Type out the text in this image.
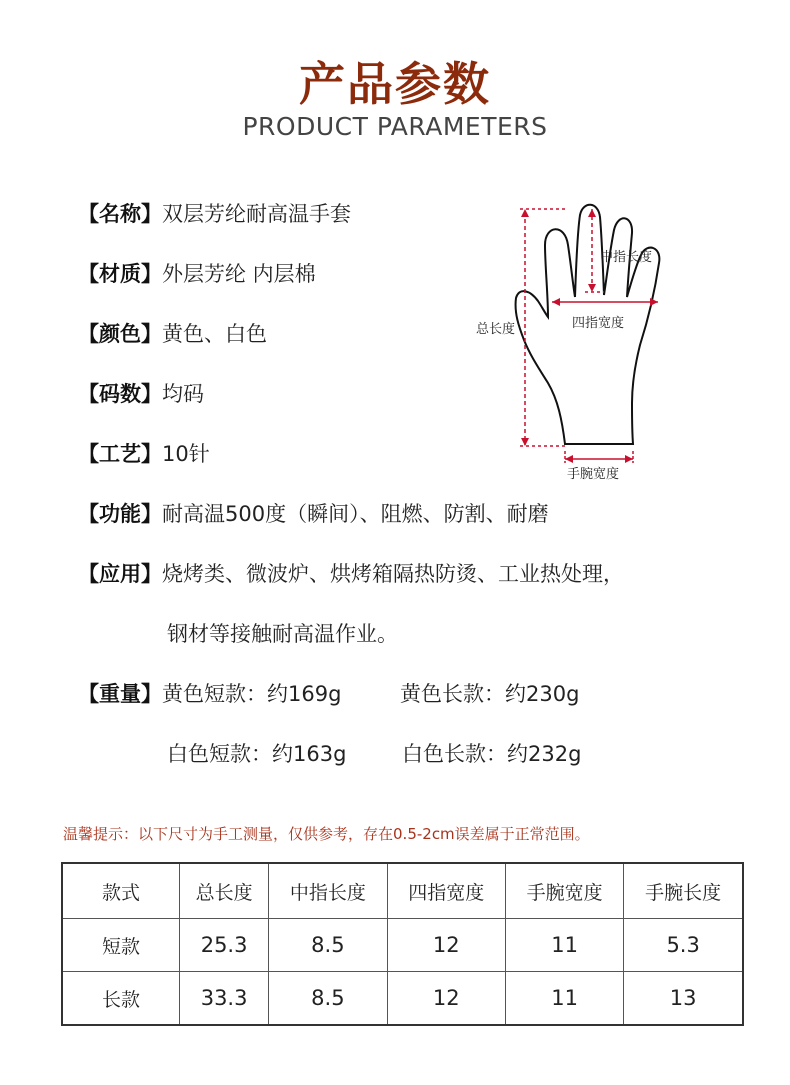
产品参数
PRODUCT PARAMETERS
【名称】双层芳纶耐高温手套
【材质】外层芳纶 内层棉
【颜色】黄色、白色
【码数】均码
【工艺】10针
【功能】耐高温500度（瞬间）、阻燃、防割、耐磨
【应用】烧烤类、微波炉、烘烤箱隔热防烫、工业热处理，
钢材等接触耐高温作业。
【重量】黄色短款：约169g	黄色长款：约230g
白色短款：约163g	白色长款：约232g
总长度
中指长度
四指宽度
手腕宽度
温馨提示：以下尺寸为手工测量，仅供参考，存在0.5-2cm误差属于正常范围。
款式	总长度	中指长度	四指宽度	手腕宽度	手腕长度
短款	25.3	8.5	12	11	5.3
长款	33.3	8.5	12	11	13
